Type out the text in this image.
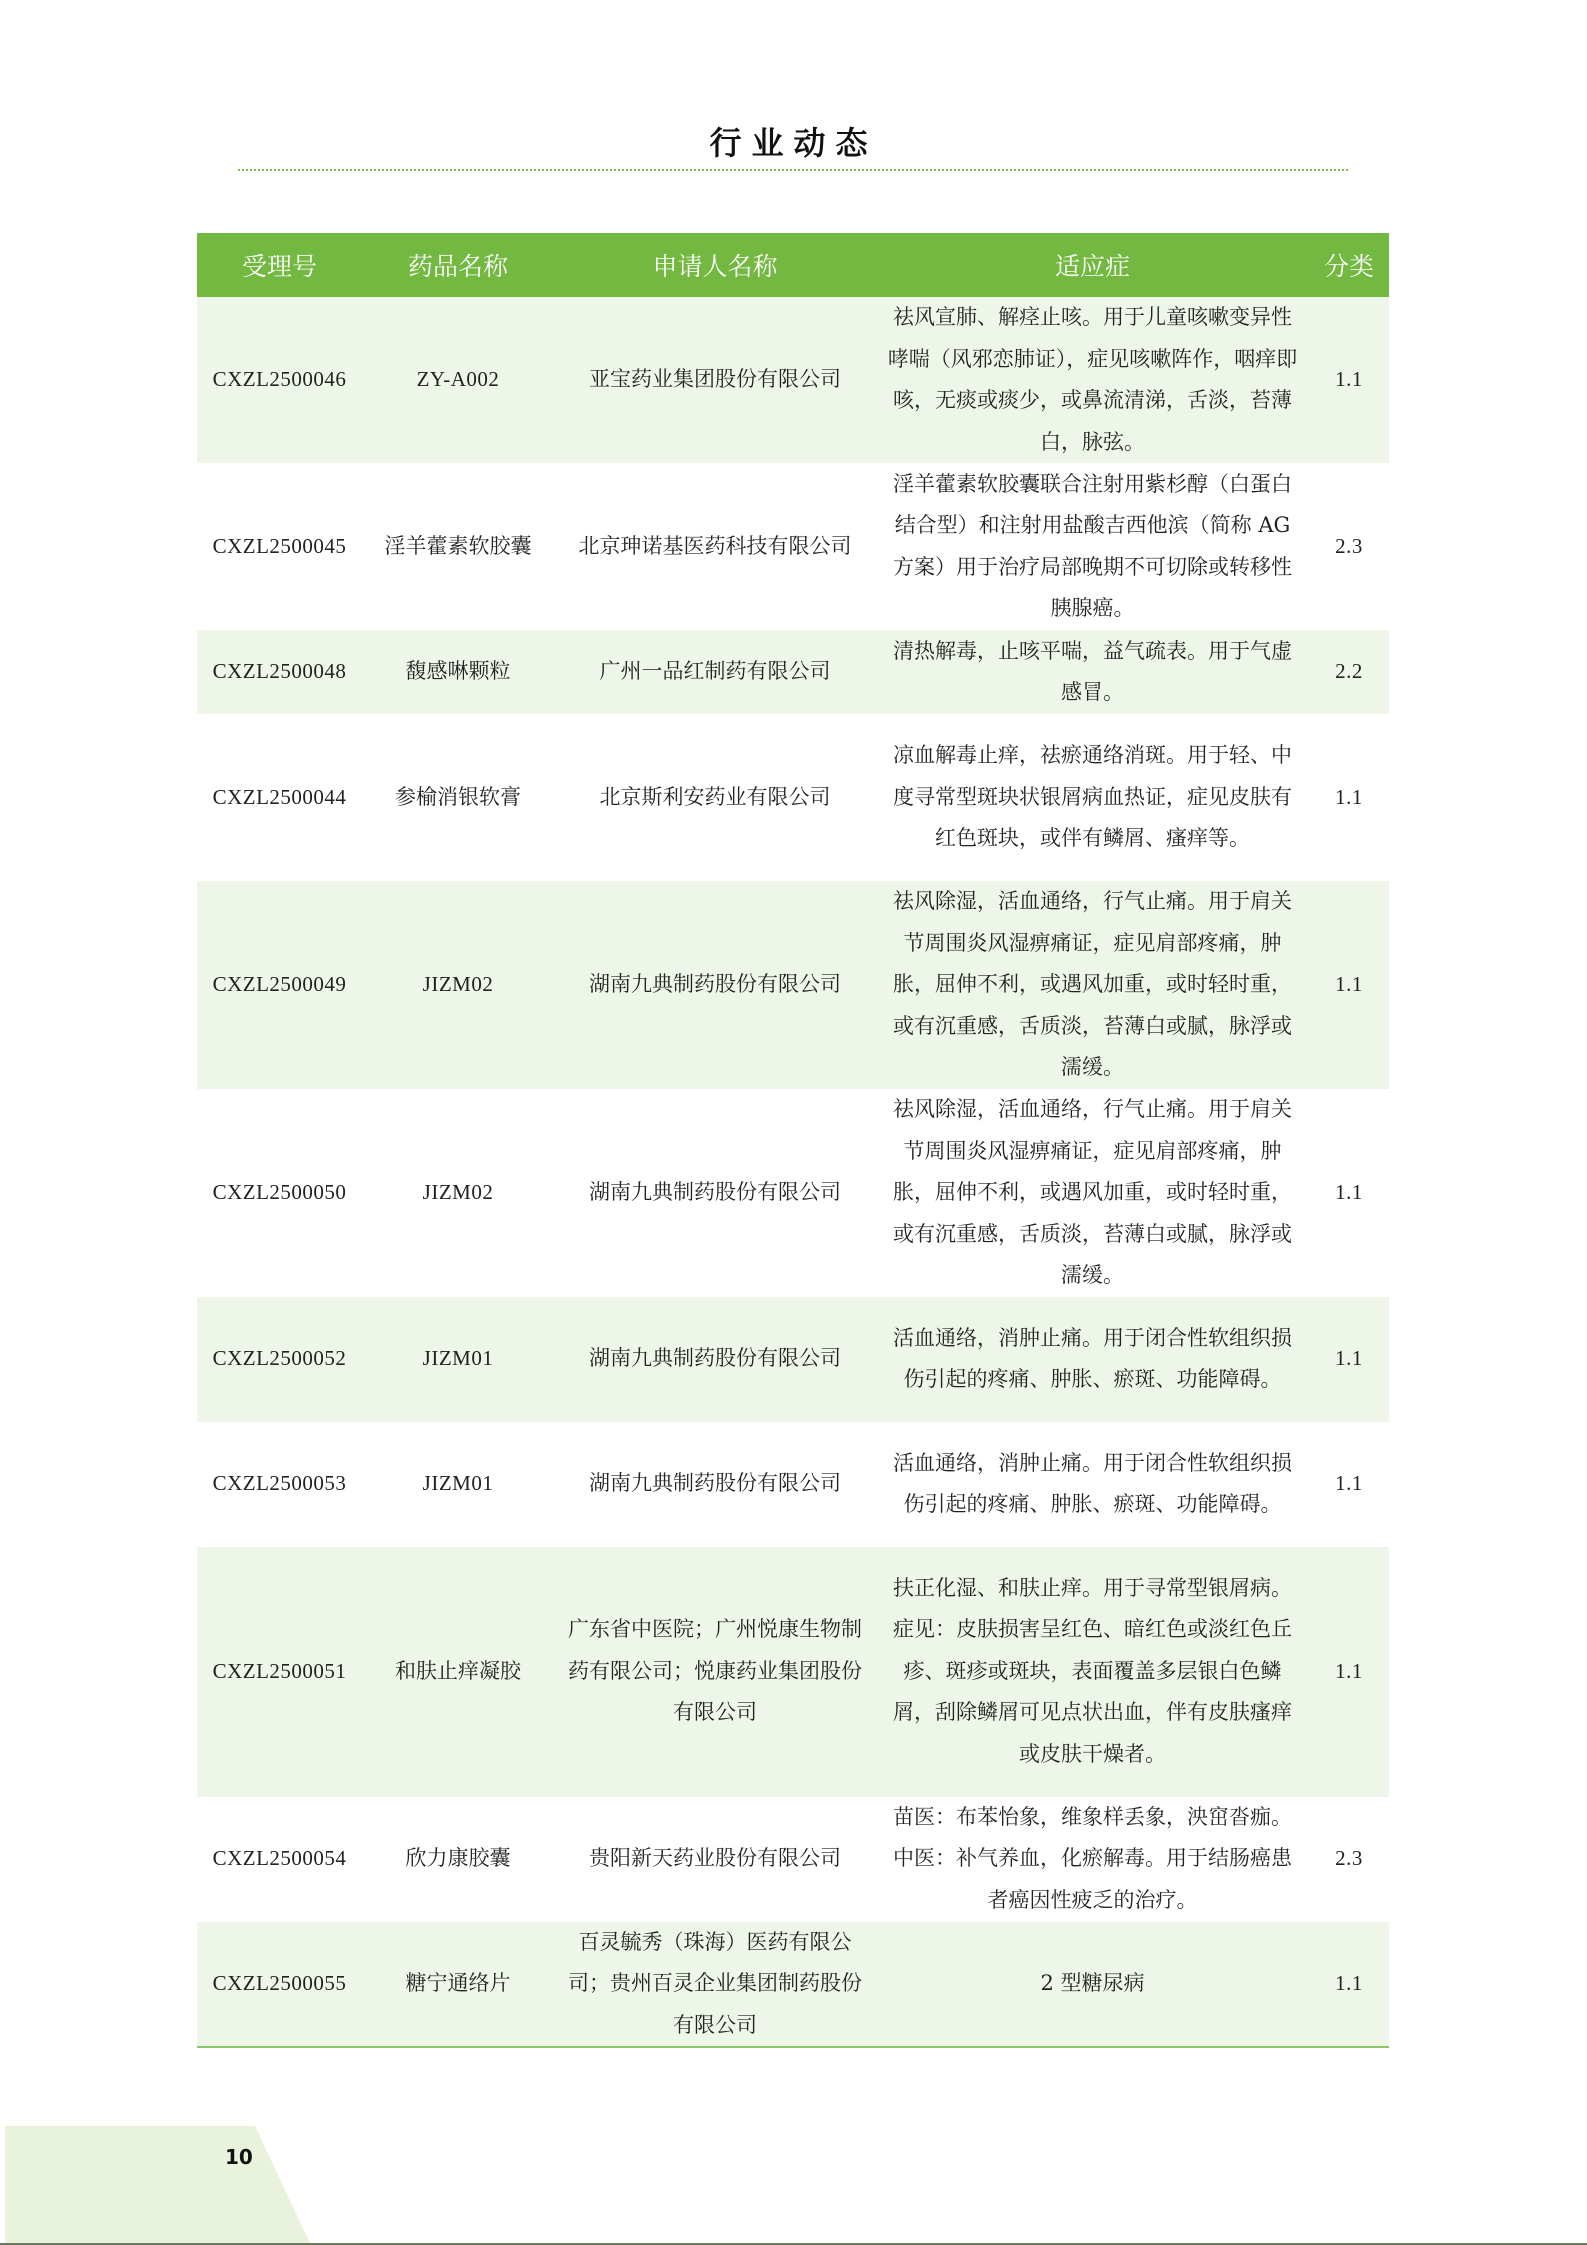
行业动态
受理号	药品名称	申请人名称	适应症	分类
CXZL2500046	ZY-A002	亚宝药业集团股份有限公司	祛风宣肺、解痉止咳。用于儿童咳嗽变异性哮喘（风邪恋肺证），症见咳嗽阵作，咽痒即咳，无痰或痰少，或鼻流清涕，舌淡，苔薄白，脉弦。	1.1
CXZL2500045	淫羊藿素软胶囊	北京珅诺基医药科技有限公司	淫羊藿素软胶囊联合注射用紫杉醇（白蛋白结合型）和注射用盐酸吉西他滨（简称 AG 方案）用于治疗局部晚期不可切除或转移性胰腺癌。	2.3
CXZL2500048	馥感啉颗粒	广州一品红制药有限公司	清热解毒，止咳平喘，益气疏表。用于气虚感冒。	2.2
CXZL2500044	参榆消银软膏	北京斯利安药业有限公司	凉血解毒止痒，祛瘀通络消斑。用于轻、中度寻常型斑块状银屑病血热证，症见皮肤有红色斑块，或伴有鳞屑、瘙痒等。	1.1
CXZL2500049	JIZM02	湖南九典制药股份有限公司	祛风除湿，活血通络，行气止痛。用于肩关节周围炎风湿痹痛证，症见肩部疼痛，肿胀，屈伸不利，或遇风加重，或时轻时重，或有沉重感，舌质淡，苔薄白或腻，脉浮或濡缓。	1.1
CXZL2500050	JIZM02	湖南九典制药股份有限公司	祛风除湿，活血通络，行气止痛。用于肩关节周围炎风湿痹痛证，症见肩部疼痛，肿胀，屈伸不利，或遇风加重，或时轻时重，或有沉重感，舌质淡，苔薄白或腻，脉浮或濡缓。	1.1
CXZL2500052	JIZM01	湖南九典制药股份有限公司	活血通络，消肿止痛。用于闭合性软组织损伤引起的疼痛、肿胀、瘀斑、功能障碍。	1.1
CXZL2500053	JIZM01	湖南九典制药股份有限公司	活血通络，消肿止痛。用于闭合性软组织损伤引起的疼痛、肿胀、瘀斑、功能障碍。	1.1
CXZL2500051	和肤止痒凝胶	广东省中医院；广州悦康生物制药有限公司；悦康药业集团股份有限公司	扶正化湿、和肤止痒。用于寻常型银屑病。症见：皮肤损害呈红色、暗红色或淡红色丘疹、斑疹或斑块，表面覆盖多层银白色鳞屑，刮除鳞屑可见点状出血，伴有皮肤瘙痒或皮肤干燥者。	1.1
CXZL2500054	欣力康胶囊	贵阳新天药业股份有限公司	苗医：布苯怡象，维象样丢象，泱窋沓痂。 中医：补气养血，化瘀解毒。用于结肠癌患者癌因性疲乏的治疗。	2.3
CXZL2500055	糖宁通络片	百灵毓秀（珠海）医药有限公司；贵州百灵企业集团制药股份有限公司	2 型糖尿病	1.1
10
